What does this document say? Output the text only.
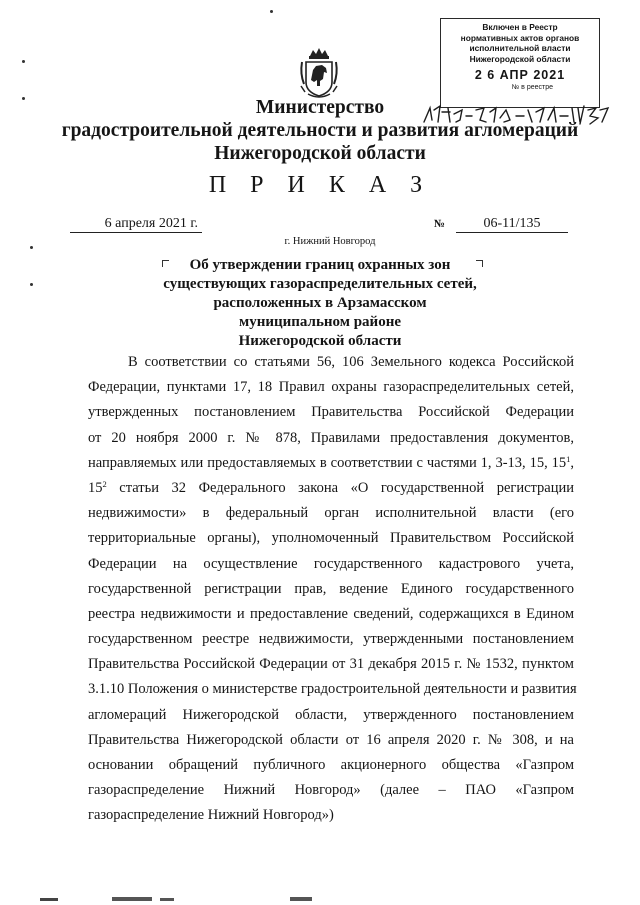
Включен в Реестр
нормативных актов органов
исполнительной власти
Нижегородской области
2 6 АПР 2021
№ в реестре
Министерство
градостроительной деятельности и развития агломераций
Нижегородской области
П Р И К А З
6 апреля 2021 г.	№	06-11/135
г. Нижний Новгород
Об утверждении границ охранных зон
существующих газораспределительных сетей,
расположенных в Арзамасском
муниципальном районе
Нижегородской области
В соответствии со статьями 56, 106 Земельного кодекса Российской
Федерации, пунктами 17, 18 Правил охраны газораспределительных сетей,
утвержденных постановлением Правительства Российской Федерации
от 20 ноября 2000 г. № 878, Правилами предоставления документов,
направляемых или предоставляемых в соответствии с частями 1, 3-13, 15, $15^1$,
$15^2$ статьи 32 Федерального закона «О государственной регистрации
недвижимости» в федеральный орган исполнительной власти (его
территориальные органы), уполномоченный Правительством Российской
Федерации на осуществление государственного кадастрового учета,
государственной регистрации прав, ведение Единого государственного
реестра недвижимости и предоставление сведений, содержащихся в Едином
государственном реестре недвижимости, утвержденными постановлением
Правительства Российской Федерации от 31 декабря 2015 г. № 1532, пунктом
3.1.10 Положения о министерстве градостроительной деятельности и развития
агломераций Нижегородской области, утвержденного постановлением
Правительства Нижегородской области от 16 апреля 2020 г. № 308, и на
основании обращений публичного акционерного общества «Газпром
газораспределение Нижний Новгород» (далее – ПАО «Газпром
газораспределение Нижний Новгород»)
